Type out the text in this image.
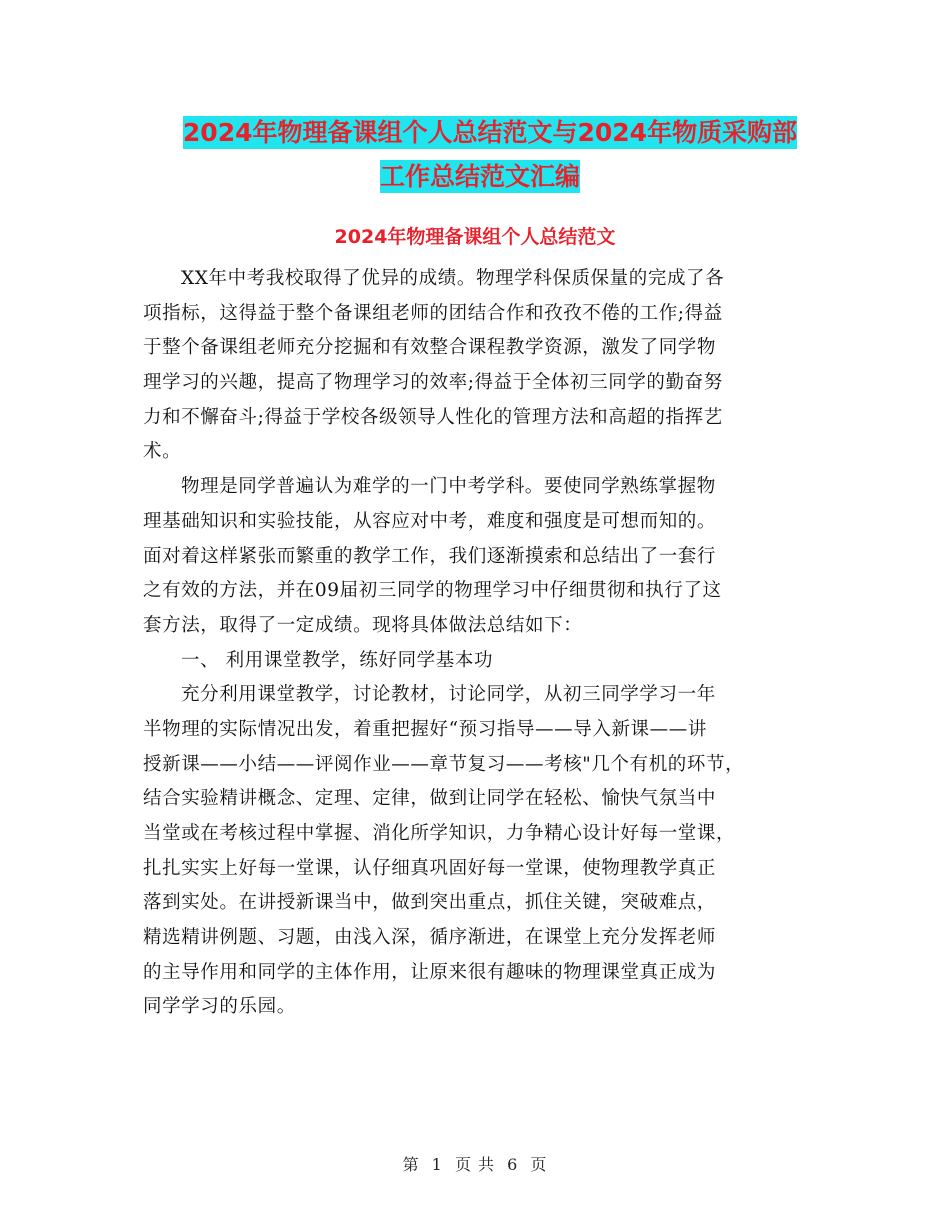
2024年物理备课组个人总结范文与2024年物质采购部
工作总结范文汇编
2024年物理备课组个人总结范文
XX年中考我校取得了优异的成绩。物理学科保质保量的完成了各
项指标，这得益于整个备课组老师的团结合作和孜孜不倦的工作;得益
于整个备课组老师充分挖掘和有效整合课程教学资源，激发了同学物
理学习的兴趣，提高了物理学习的效率;得益于全体初三同学的勤奋努
力和不懈奋斗;得益于学校各级领导人性化的管理方法和高超的指挥艺
术。
物理是同学普遍认为难学的一门中考学科。要使同学熟练掌握物
理基础知识和实验技能，从容应对中考，难度和强度是可想而知的。
面对着这样紧张而繁重的教学工作，我们逐渐摸索和总结出了一套行
之有效的方法，并在09届初三同学的物理学习中仔细贯彻和执行了这
套方法，取得了一定成绩。现将具体做法总结如下：
一、 利用课堂教学，练好同学基本功
充分利用课堂教学，讨论教材，讨论同学，从初三同学学习一年
半物理的实际情况出发，着重把握好“预习指导——导入新课——讲
授新课——小结——评阅作业——章节复习——考核"几个有机的环节，
结合实验精讲概念、定理、定律，做到让同学在轻松、愉快气氛当中
当堂或在考核过程中掌握、消化所学知识，力争精心设计好每一堂课，
扎扎实实上好每一堂课，认仔细真巩固好每一堂课，使物理教学真正
落到实处。在讲授新课当中，做到突出重点，抓住关键，突破难点，
精选精讲例题、习题，由浅入深，循序渐进，在课堂上充分发挥老师
的主导作用和同学的主体作用，让原来很有趣味的物理课堂真正成为
同学学习的乐园。
第 1 页 共 6 页
